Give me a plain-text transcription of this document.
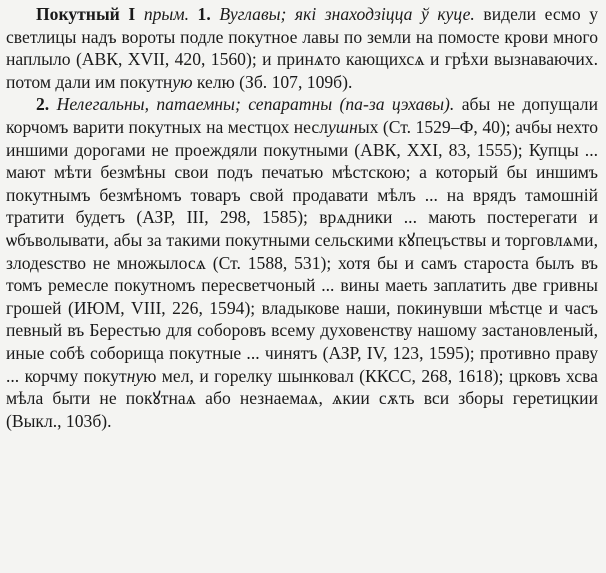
Покутный I прым. 1. Вуглавы; які знаходзіцца ў куце. видели есмо у светлицы надъ вороты подле покутное лавы по земли на помосте крови много наплыло (АВК, XVII, 420, 1560); и принѧто кающихсѧ и грѣхи вызнаваючих. потом дали им покутную келю (Зб. 107, 109б).

2. Нелегальны, патаемны; сепаратны (па-за цэхавы). абы не допущали корчомъ варити покутных на местцох неслушных (Ст. 1529–Ф, 40); ачбы нехто иншими дорогами не проеждяли покутными (АВК, XXI, 83, 1555); Купцы ... мают мѣти безмѣны свои подъ печатью мѣстскою; а который бы иншимъ покутнымъ безмѣномъ товаръ свой продавати мѣлъ ... на врядъ тамошній тратити будетъ (АЗР, III, 298, 1585); врѧдники ... мають постерегати и ѡбъволывати, абы за такими покутными сельскими кꙋпецъствы и торговлѧми, злодеѕство не множылосѧ (Ст. 1588, 531); хотя бы и самъ староста былъ въ томъ ремесле покутномъ пересветчоный ... вины маеть заплатить две гривны грошей (ИЮМ, VIII, 226, 1594); владыкове наши, покинувши мѣстце и часъ певный въ Берестью для соборовъ всему духовенству нашому застановленый, иные собѣ соборища покутные ... чинятъ (АЗР, IV, 123, 1595); противно праву ... корчму покутную мел, и горелку шынковал (ККСС, 268, 1618); црковъ хсва мѣла быти не покꙋтнаѧ або незнаемаѧ, ѧкии сѫть вси зборы геретицкии (Выкл., 103б).
